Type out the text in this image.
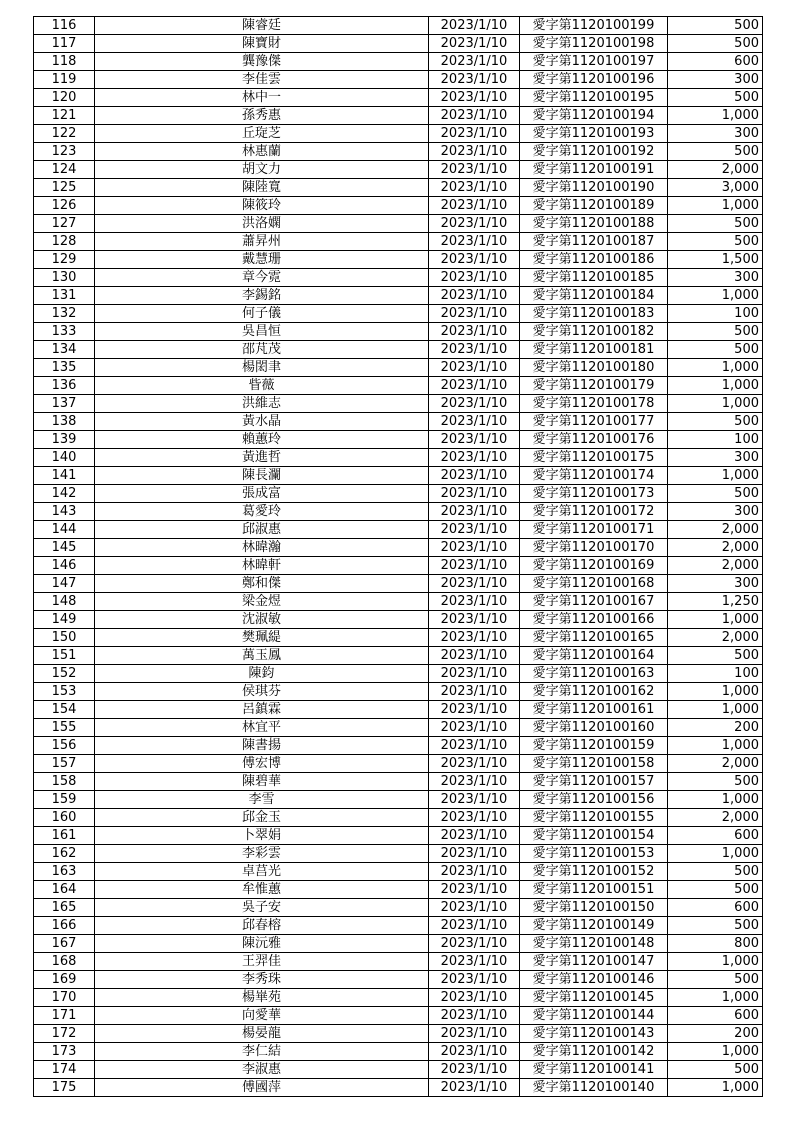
116	陳睿廷	2023/1/10	愛字第1120100199	500
117	陳寶財	2023/1/10	愛字第1120100198	500
118	龔豫傑	2023/1/10	愛字第1120100197	600
119	李佳雲	2023/1/10	愛字第1120100196	300
120	林中一	2023/1/10	愛字第1120100195	500
121	孫秀惠	2023/1/10	愛字第1120100194	1,000
122	丘琁芝	2023/1/10	愛字第1120100193	300
123	林惠蘭	2023/1/10	愛字第1120100192	500
124	胡文力	2023/1/10	愛字第1120100191	2,000
125	陳陸寬	2023/1/10	愛字第1120100190	3,000
126	陳筱玲	2023/1/10	愛字第1120100189	1,000
127	洪洛嫻	2023/1/10	愛字第1120100188	500
128	蕭昇州	2023/1/10	愛字第1120100187	500
129	戴慧珊	2023/1/10	愛字第1120100186	1,500
130	章今霓	2023/1/10	愛字第1120100185	300
131	李錫銘	2023/1/10	愛字第1120100184	1,000
132	何子儀	2023/1/10	愛字第1120100183	100
133	吳昌恒	2023/1/10	愛字第1120100182	500
134	邵芃茂	2023/1/10	愛字第1120100181	500
135	楊閎聿	2023/1/10	愛字第1120100180	1,000
136	眥薇	2023/1/10	愛字第1120100179	1,000
137	洪維志	2023/1/10	愛字第1120100178	1,000
138	黃水晶	2023/1/10	愛字第1120100177	500
139	賴蕙玲	2023/1/10	愛字第1120100176	100
140	黃進哲	2023/1/10	愛字第1120100175	300
141	陳長瀾	2023/1/10	愛字第1120100174	1,000
142	張成富	2023/1/10	愛字第1120100173	500
143	葛愛玲	2023/1/10	愛字第1120100172	300
144	邱淑惠	2023/1/10	愛字第1120100171	2,000
145	林暐瀚	2023/1/10	愛字第1120100170	2,000
146	林暐軒	2023/1/10	愛字第1120100169	2,000
147	鄭和傑	2023/1/10	愛字第1120100168	300
148	梁金煜	2023/1/10	愛字第1120100167	1,250
149	沈淑敏	2023/1/10	愛字第1120100166	1,000
150	樊珮緹	2023/1/10	愛字第1120100165	2,000
151	萬玉鳳	2023/1/10	愛字第1120100164	500
152	陳鈞	2023/1/10	愛字第1120100163	100
153	侯琪芬	2023/1/10	愛字第1120100162	1,000
154	呂鎮霖	2023/1/10	愛字第1120100161	1,000
155	林宜平	2023/1/10	愛字第1120100160	200
156	陳書揚	2023/1/10	愛字第1120100159	1,000
157	傅宏博	2023/1/10	愛字第1120100158	2,000
158	陳碧華	2023/1/10	愛字第1120100157	500
159	李雪	2023/1/10	愛字第1120100156	1,000
160	邱金玉	2023/1/10	愛字第1120100155	2,000
161	卜翠娟	2023/1/10	愛字第1120100154	600
162	李彩雲	2023/1/10	愛字第1120100153	1,000
163	卓莒光	2023/1/10	愛字第1120100152	500
164	牟惟蕙	2023/1/10	愛字第1120100151	500
165	吳子安	2023/1/10	愛字第1120100150	600
166	邱春榕	2023/1/10	愛字第1120100149	500
167	陳沅雅	2023/1/10	愛字第1120100148	800
168	王羿佳	2023/1/10	愛字第1120100147	1,000
169	李秀珠	2023/1/10	愛字第1120100146	500
170	楊崋苑	2023/1/10	愛字第1120100145	1,000
171	向愛華	2023/1/10	愛字第1120100144	600
172	楊晏龍	2023/1/10	愛字第1120100143	200
173	李仁結	2023/1/10	愛字第1120100142	1,000
174	李淑惠	2023/1/10	愛字第1120100141	500
175	傅國萍	2023/1/10	愛字第1120100140	1,000
